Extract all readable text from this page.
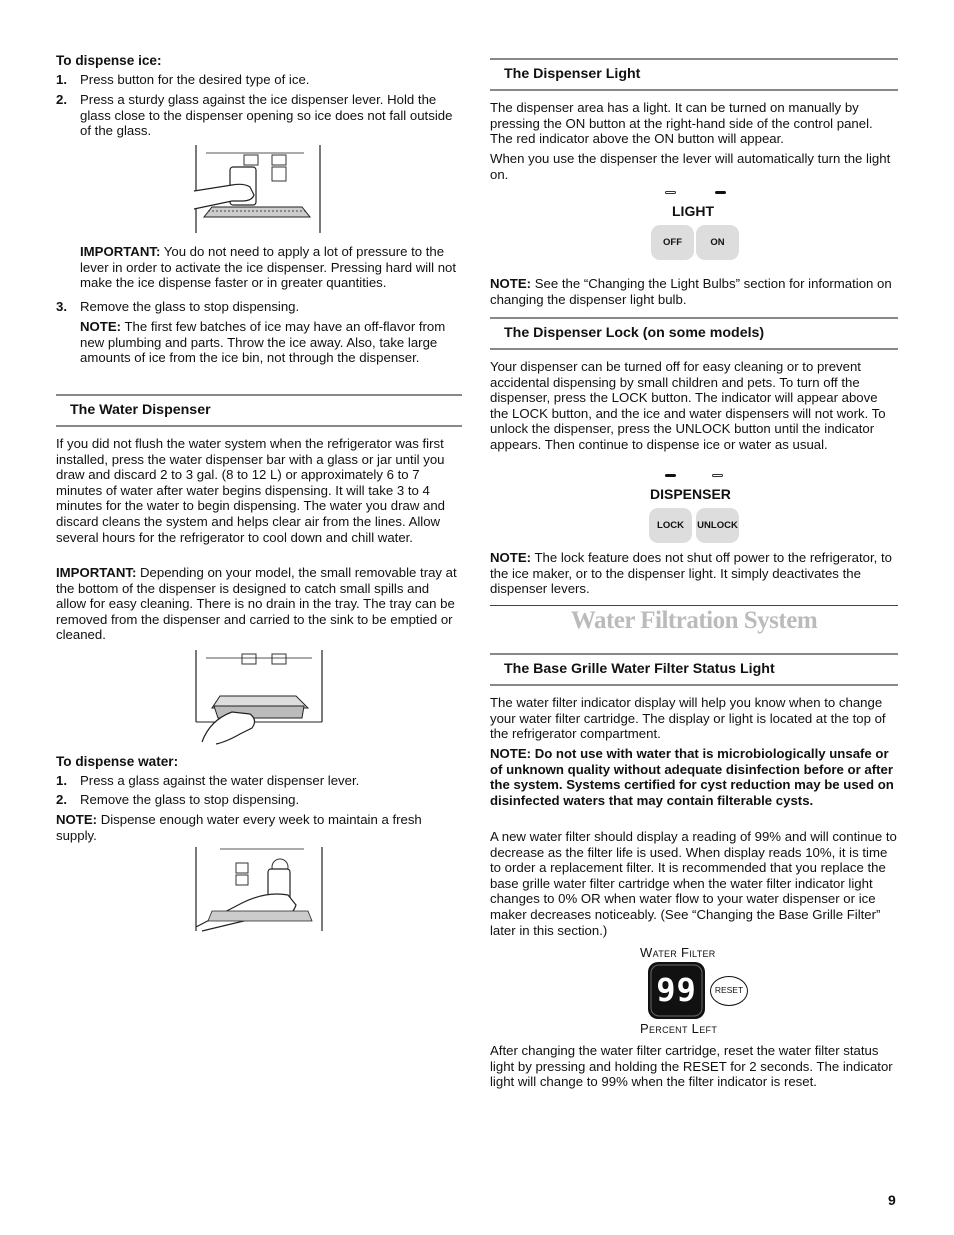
To dispense ice:

1. Press button for the desired type of ice.

2. Press a sturdy glass against the ice dispenser lever. Hold the glass close to the dispenser opening so ice does not fall outside of the glass.

IMPORTANT: You do not need to apply a lot of pressure to the lever in order to activate the ice dispenser. Pressing hard will not make the ice dispense faster or in greater quantities.

3. Remove the glass to stop dispensing.

NOTE: The first few batches of ice may have an off-flavor from new plumbing and parts. Throw the ice away. Also, take large amounts of ice from the ice bin, not through the dispenser.

The Water Dispenser

If you did not flush the water system when the refrigerator was first installed, press the water dispenser bar with a glass or jar until you draw and discard 2 to 3 gal. (8 to 12 L) or approximately 6 to 7 minutes of water after water begins dispensing. It will take 3 to 4 minutes for the water to begin dispensing. The water you draw and discard cleans the system and helps clear air from the lines. Allow several hours for the refrigerator to cool down and chill water.

IMPORTANT: Depending on your model, the small removable tray at the bottom of the dispenser is designed to catch small spills and allow for easy cleaning. There is no drain in the tray. The tray can be removed from the dispenser and carried to the sink to be emptied or cleaned.

To dispense water:

1. Press a glass against the water dispenser lever.

2. Remove the glass to stop dispensing.

NOTE: Dispense enough water every week to maintain a fresh supply.

The Dispenser Light

The dispenser area has a light. It can be turned on manually by pressing the ON button at the right-hand side of the control panel. The red indicator above the ON button will appear.

When you use the dispenser the lever will automatically turn the light on.

LIGHT
OFF	ON

NOTE: See the “Changing the Light Bulbs” section for information on changing the dispenser light bulb.

The Dispenser Lock (on some models)

Your dispenser can be turned off for easy cleaning or to prevent accidental dispensing by small children and pets. To turn off the dispenser, press the LOCK button. The indicator will appear above the LOCK button, and the ice and water dispensers will not work. To unlock the dispenser, press the UNLOCK button until the indicator appears. Then continue to dispense ice or water as usual.

DISPENSER
LOCK	UNLOCK

NOTE: The lock feature does not shut off power to the refrigerator, to the ice maker, or to the dispenser light. It simply deactivates the dispenser levers.

Water Filtration System
The Base Grille Water Filter Status Light

The water filter indicator display will help you know when to change your water filter cartridge. The display or light is located at the top of the refrigerator compartment.

NOTE: Do not use with water that is microbiologically unsafe or of unknown quality without adequate disinfection before or after the system. Systems certified for cyst reduction may be used on disinfected waters that may contain filterable cysts.

A new water filter should display a reading of 99% and will continue to decrease as the filter life is used. When display reads 10%, it is time to order a replacement filter. It is recommended that you replace the base grille water filter cartridge when the water filter indicator light changes to 0% OR when water flow to your water dispenser or ice maker decreases noticeably. (See “Changing the Base Grille Filter” later in this section.)

Water Filter
99	RESET
Percent Left

After changing the water filter cartridge, reset the water filter status light by pressing and holding the RESET for 2 seconds. The indicator light will change to 99% when the filter indicator is reset.

9
